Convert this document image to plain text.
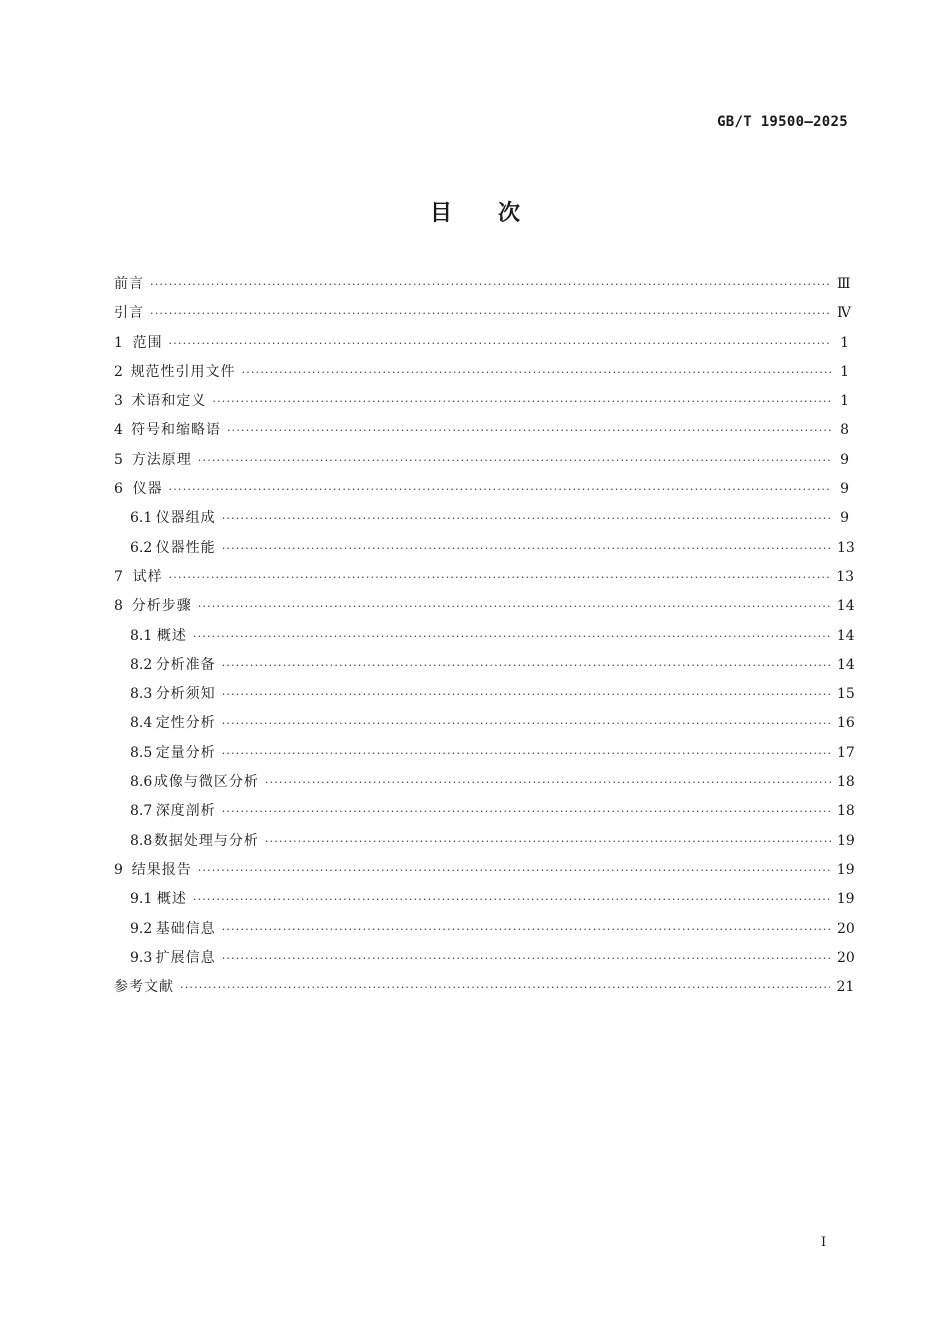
GB/T 19500—2025
目次
前言 ·····	Ⅲ
引言 ·····	Ⅳ
1 范围 ·····	1
2 规范性引用文件 ·····	1
3 术语和定义 ·····	1
4 符号和缩略语 ·····	8
5 方法原理 ·····	9
6 仪器 ·····	9
6.1 仪器组成 ·····	9
6.2 仪器性能 ·····	13
7 试样 ·····	13
8 分析步骤 ·····	14
8.1 概述 ·····	14
8.2 分析准备 ·····	14
8.3 分析须知 ·····	15
8.4 定性分析 ·····	16
8.5 定量分析 ·····	17
8.6 成像与微区分析 ·····	18
8.7 深度剖析 ·····	18
8.8 数据处理与分析 ·····	19
9 结果报告 ·····	19
9.1 概述 ·····	19
9.2 基础信息 ·····	20
9.3 扩展信息 ·····	20
参考文献 ·····	21
I
